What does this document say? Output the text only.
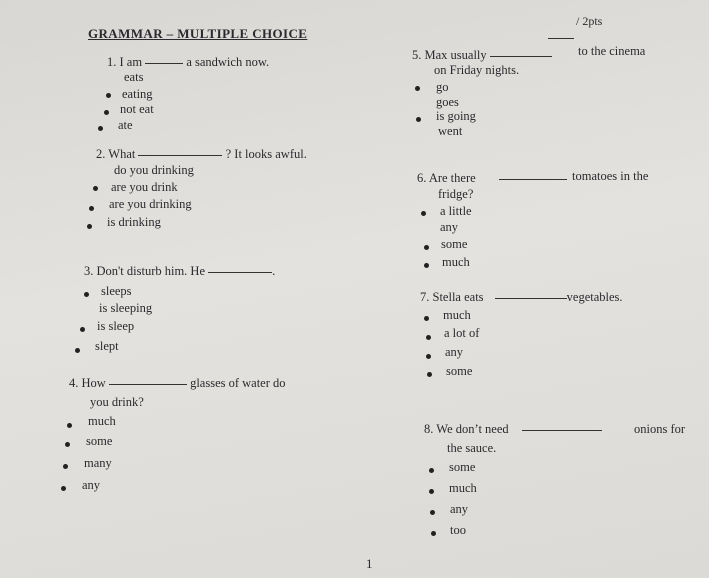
GRAMMAR – MULTIPLE CHOICE
/ 2pts
1. I am	a sandwich now.
eats
eating
not eat
ate
2. What	? It looks awful.
do you drinking
are you drink
are you drinking
is drinking
3. Don't disturb him. He	.
sleeps
is sleeping
is sleep
slept
4. How	glasses of water do
you drink?
much
some
many
any
5. Max usually	to the cinema
on Friday nights.
go
goes
is going
went
6. Are there	tomatoes in the
fridge?
a little
any
some
much
7. Stella eats	vegetables.
much
a lot of
any
some
8. We don’t need	onions for
the sauce.
some
much
any
too
1
